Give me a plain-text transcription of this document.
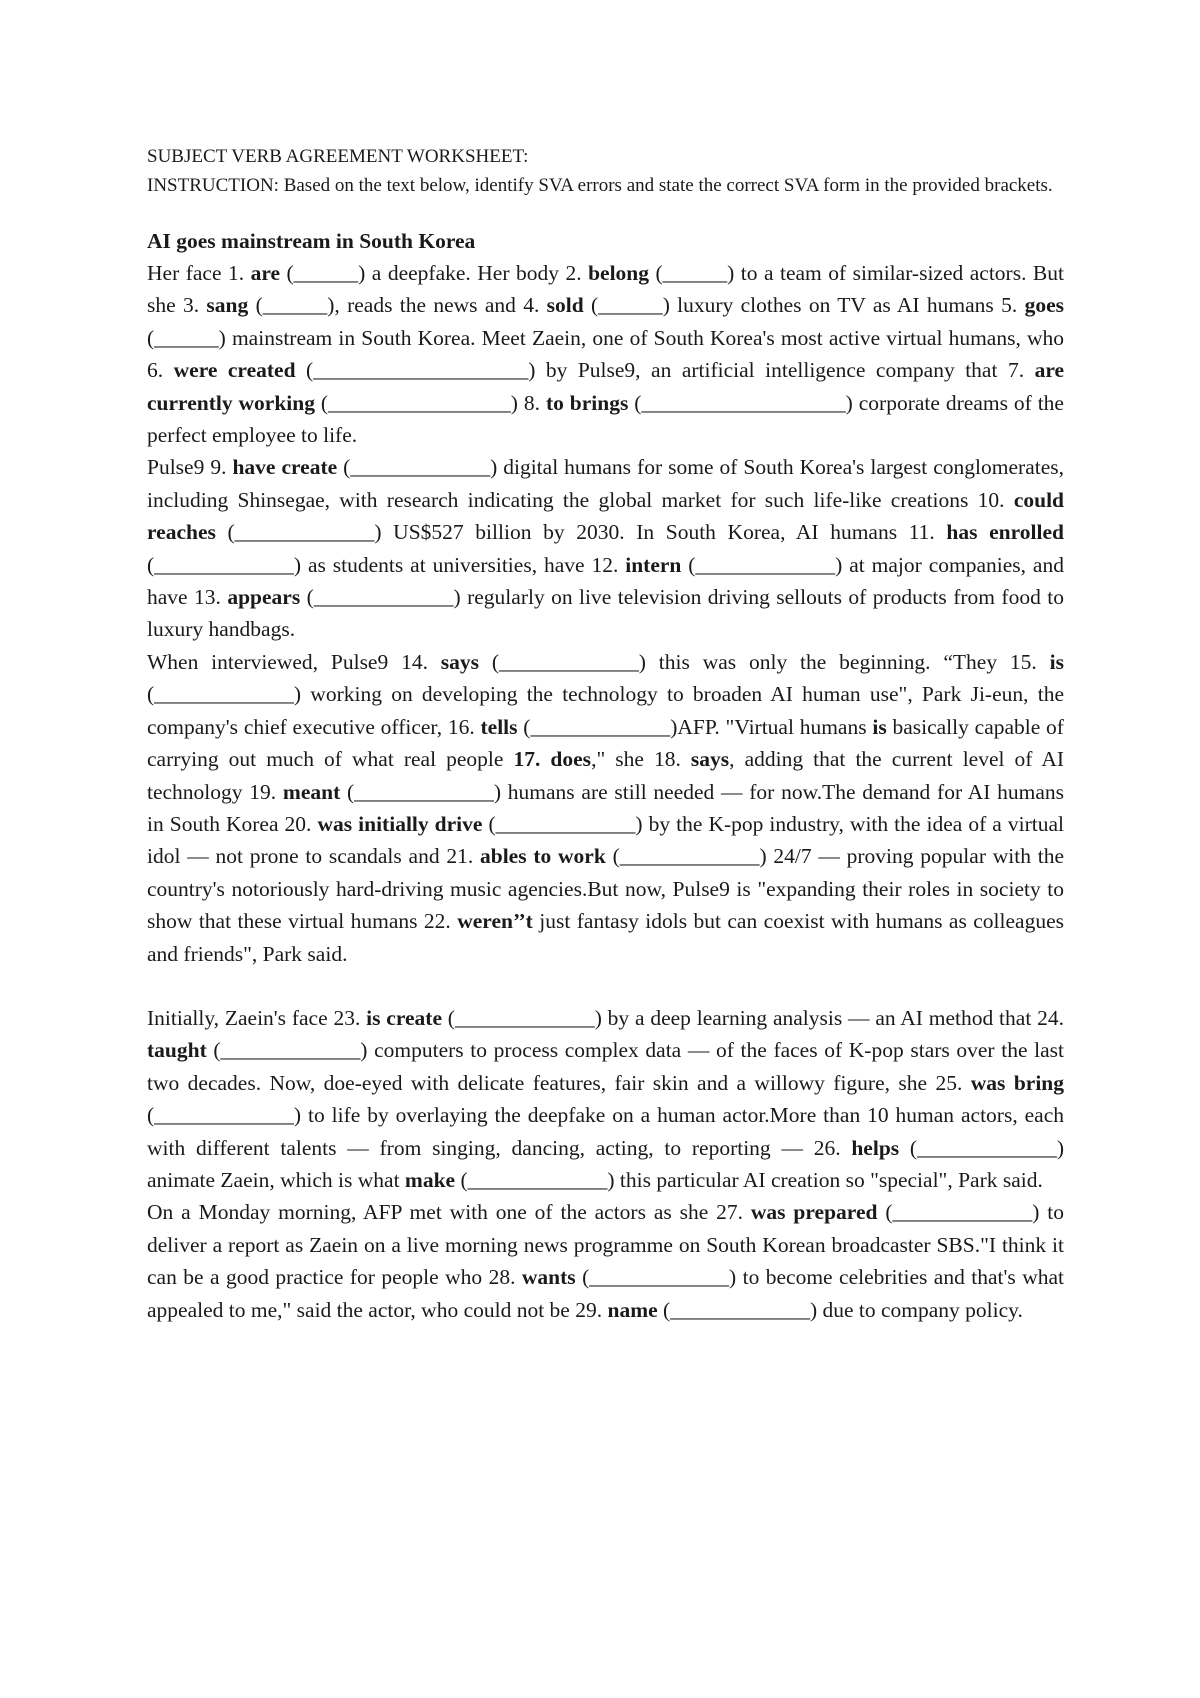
SUBJECT VERB AGREEMENT WORKSHEET:

INSTRUCTION: Based on the text below, identify SVA errors and state the correct SVA form in the provided brackets.

AI goes mainstream in South Korea

Her face 1. are (______) a deepfake. Her body 2. belong (______) to a team of similar-sized actors. But she 3. sang (______), reads the news and 4. sold (______) luxury clothes on TV as AI humans 5. goes (______) mainstream in South Korea. Meet Zaein, one of South Korea's most active virtual humans, who 6. were created (____________________) by Pulse9, an artificial intelligence company that 7. are currently working (_________________) 8. to brings (___________________) corporate dreams of the perfect employee to life.

Pulse9 9. have create (_____________) digital humans for some of South Korea's largest conglomerates, including Shinsegae, with research indicating the global market for such life-like creations 10. could reaches (_____________) US$527 billion by 2030. In South Korea, AI humans 11. has enrolled (_____________) as students at universities, have 12. intern (_____________) at major companies, and have 13. appears (_____________) regularly on live television driving sellouts of products from food to luxury handbags.

When interviewed, Pulse9 14. says (_____________) this was only the beginning. “They 15. is (_____________) working on developing the technology to broaden AI human use", Park Ji-eun, the company's chief executive officer, 16. tells (_____________)AFP. "Virtual humans is basically capable of carrying out much of what real people 17. does," she 18. says, adding that the current level of AI technology 19. meant (_____________) humans are still needed — for now.The demand for AI humans in South Korea 20. was initially drive (_____________) by the K-pop industry, with the idea of a virtual idol — not prone to scandals and 21. ables to work (_____________) 24/7 — proving popular with the country's notoriously hard-driving music agencies.But now, Pulse9 is "expanding their roles in society to show that these virtual humans 22. weren’’t just fantasy idols but can coexist with humans as colleagues and friends", Park said.

Initially, Zaein's face 23. is create (_____________) by a deep learning analysis — an AI method that 24. taught (_____________) computers to process complex data — of the faces of K-pop stars over the last two decades. Now, doe-eyed with delicate features, fair skin and a willowy figure, she 25. was bring (_____________) to life by overlaying the deepfake on a human actor.More than 10 human actors, each with different talents — from singing, dancing, acting, to reporting — 26. helps (_____________) animate Zaein, which is what make (_____________) this particular AI creation so "special", Park said.

On a Monday morning, AFP met with one of the actors as she 27. was prepared (_____________) to deliver a report as Zaein on a live morning news programme on South Korean broadcaster SBS."I think it can be a good practice for people who 28. wants (_____________) to become celebrities and that's what appealed to me," said the actor, who could not be 29. name (_____________) due to company policy.
